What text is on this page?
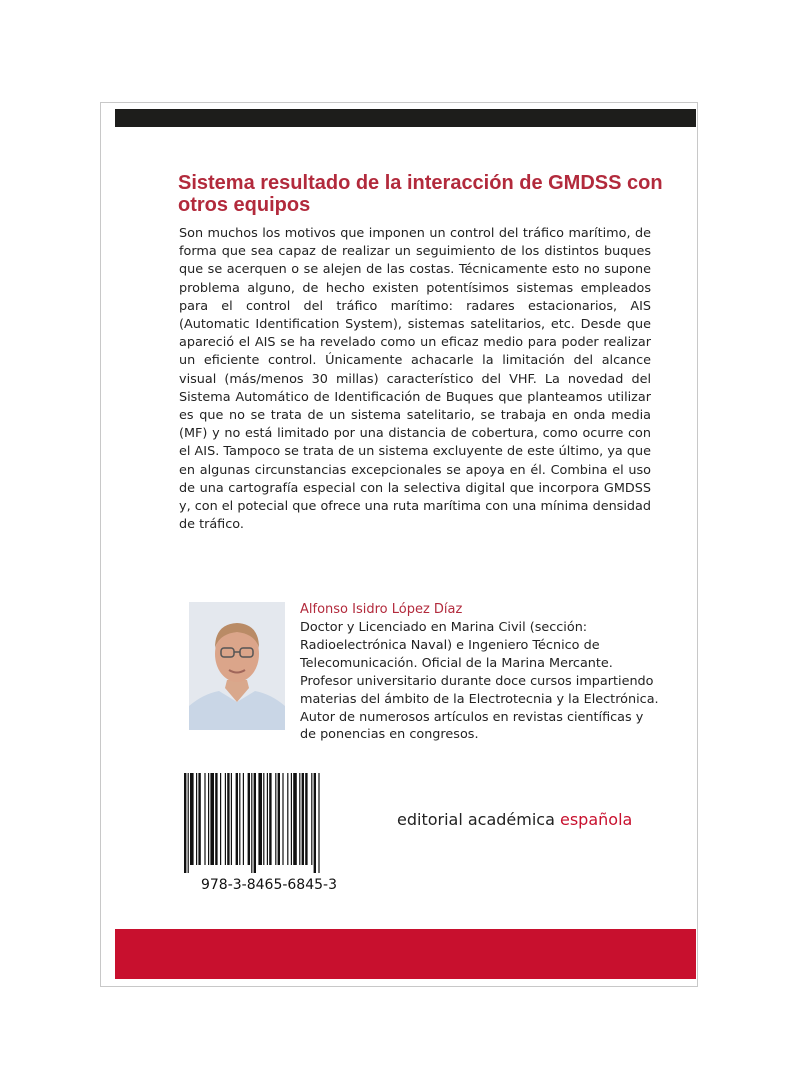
Sistema resultado de la interacción de GMDSS con otros equipos

Son muchos los motivos que imponen un control del tráfico marítimo, de forma que sea capaz de realizar un seguimiento de los distintos buques que se acerquen o se alejen de las costas. Técnicamente esto no supone problema alguno, de hecho existen potentísimos sistemas empleados para el control del tráfico marítimo: radares estacionarios, AIS (Automatic Identification System), sistemas satelitarios, etc. Desde que apareció el AIS se ha revelado como un eficaz medio para poder realizar un eficiente control. Únicamente achacarle la limitación del alcance visual (más/menos 30 millas) característico del VHF. La novedad del Sistema Automático de Identificación de Buques que planteamos utilizar es que no se trata de un sistema satelitario, se trabaja en onda media (MF) y no está limitado por una distancia de cobertura, como ocurre con el AIS. Tampoco se trata de un sistema excluyente de este último, ya que en algunas circunstancias excepcionales se apoya en él. Combina el uso de una cartografía especial con la selectiva digital que incorpora GMDSS y, con el potecial que ofrece una ruta marítima con una mínima densidad de tráfico.

Alfonso Isidro López Díaz

Doctor y Licenciado en Marina Civil (sección: Radioelectrónica Naval) e Ingeniero Técnico de Telecomunicación. Oficial de la Marina Mercante. Profesor universitario durante doce cursos impartiendo materias del ámbito de la Electrotecnia y la Electrónica. Autor de numerosos artículos en revistas científicas y de ponencias en congresos.

978-3-8465-6845-3

editorial académica española
